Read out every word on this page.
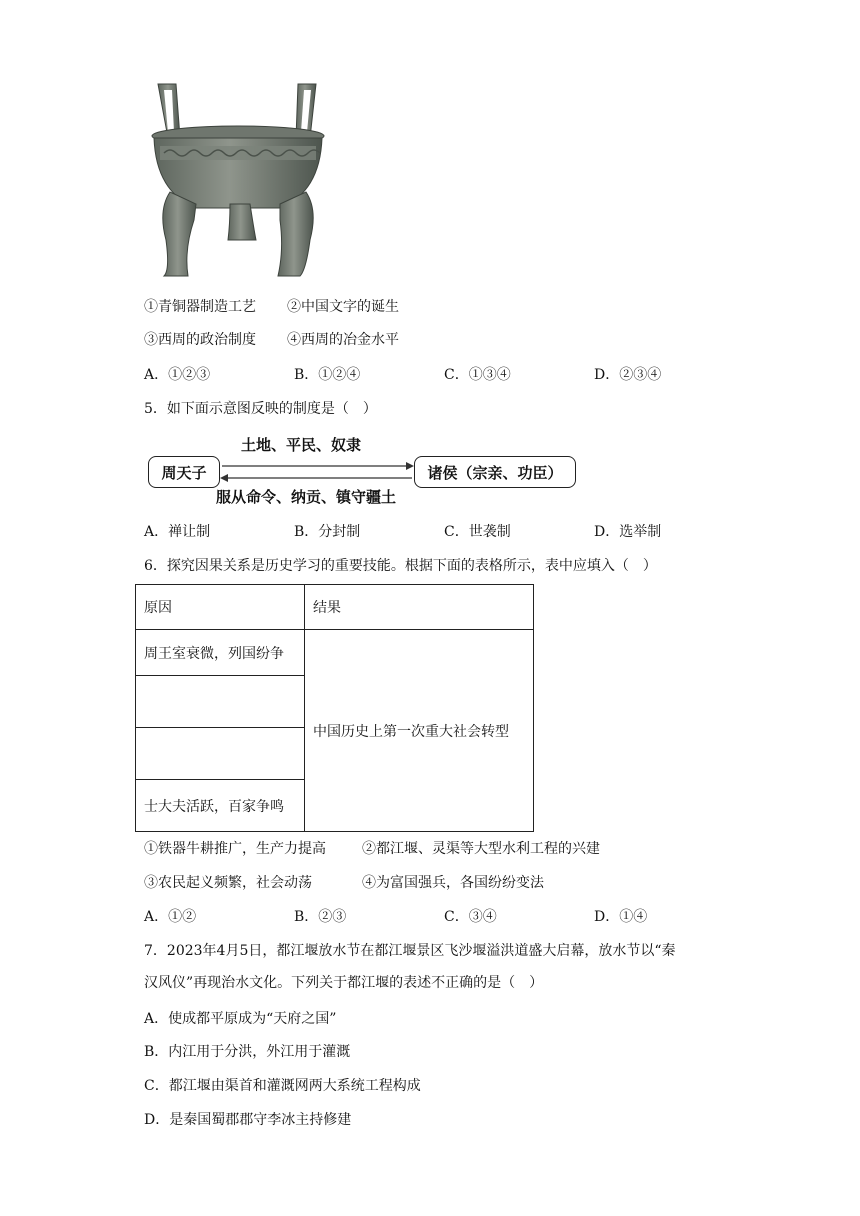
①青铜器制造工艺 ②中国文字的诞生
③西周的政治制度 ④西周的冶金水平
A．①②③	B．①②④	C．①③④	D．②③④
5．如下面示意图反映的制度是（　）
周天子	诸侯（宗亲、功臣）
土地、平民、奴隶
服从命令、纳贡、镇守疆土
A．禅让制	B．分封制	C．世袭制	D．选举制
6．探究因果关系是历史学习的重要技能。根据下面的表格所示，表中应填入（　）
原因	结果
周王室衰微，列国纷争	中国历史上第一次重大社会转型

士大夫活跃，百家争鸣	
①铁器牛耕推广，生产力提高	②都江堰、灵渠等大型水利工程的兴建
③农民起义频繁，社会动荡	④为富国强兵，各国纷纷变法
A．①②	B．②③	C．③④	D．①④
7．2023年4月5日，都江堰放水节在都江堰景区飞沙堰溢洪道盛大启幕，放水节以“秦
汉风仪”再现治水文化。下列关于都江堰的表述不正确的是（　）
A．使成都平原成为“天府之国”
B．内江用于分洪，外江用于灌溉
C．都江堰由渠首和灌溉网两大系统工程构成
D．是秦国蜀郡郡守李冰主持修建
